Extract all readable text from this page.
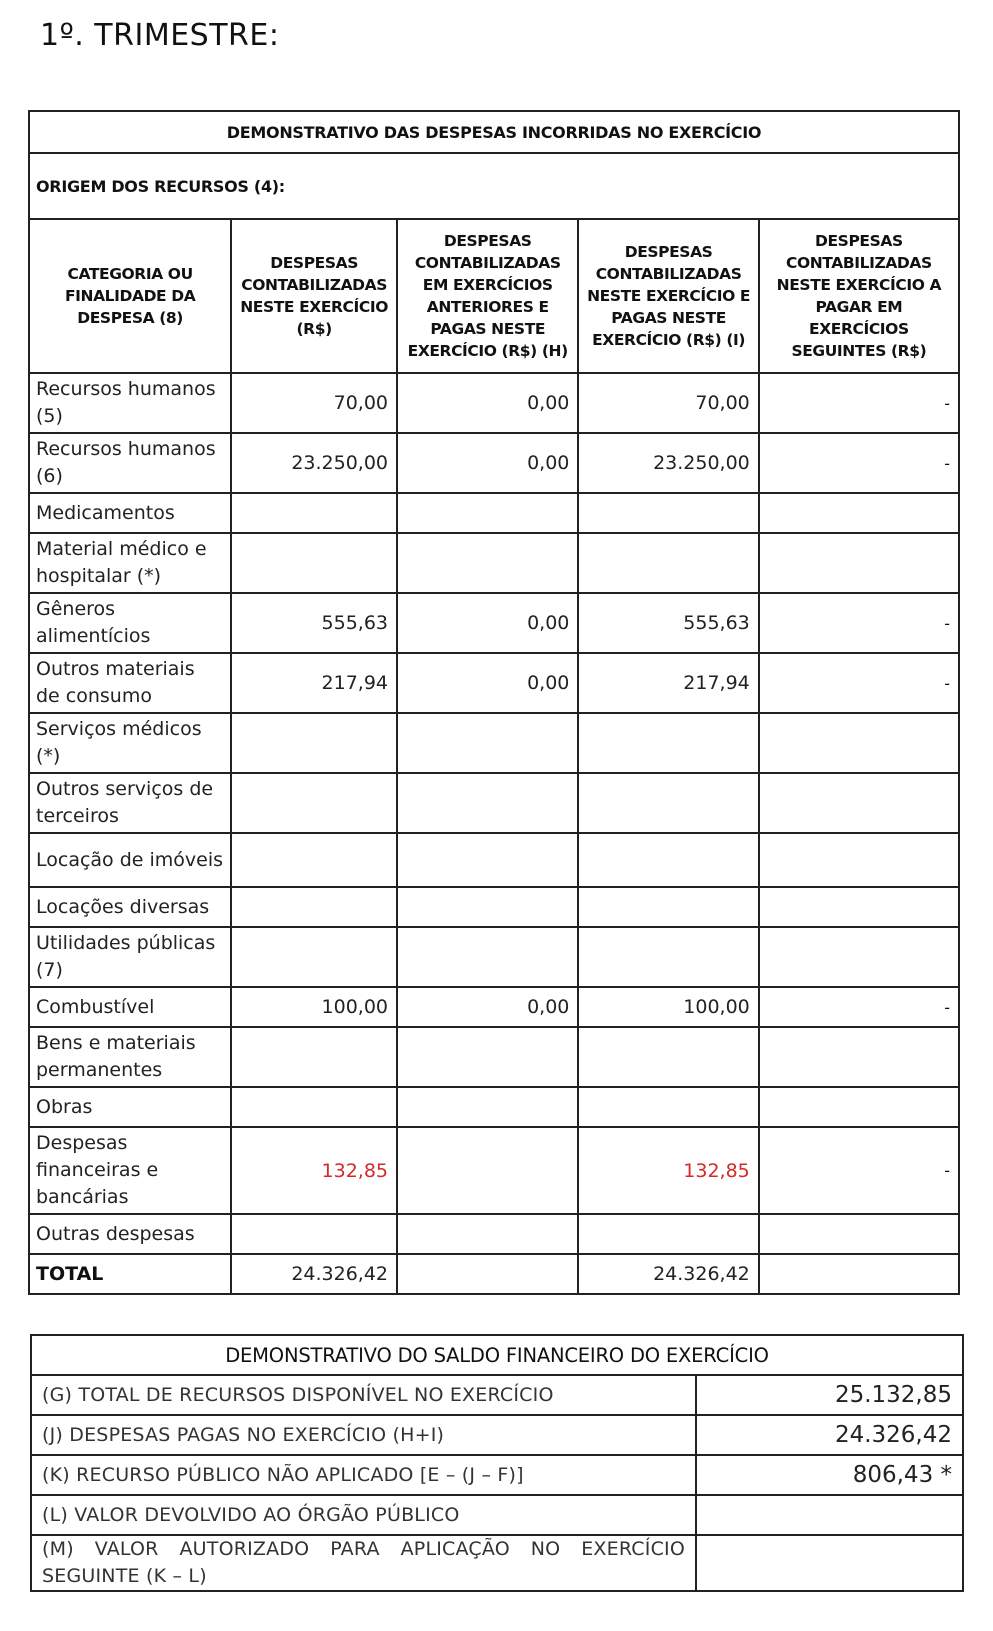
1º. TRIMESTRE:
DEMONSTRATIVO DAS DESPESAS INCORRIDAS NO EXERCÍCIO				
ORIGEM DOS RECURSOS (4):				
CATEGORIA OU FINALIDADE DA DESPESA (8)	DESPESAS CONTABILIZADAS NESTE EXERCÍCIO (R$)	DESPESAS CONTABILIZADAS EM EXERCÍCIOS ANTERIORES E PAGAS NESTE EXERCÍCIO (R$) (H)	DESPESAS CONTABILIZADAS NESTE EXERCÍCIO E PAGAS NESTE EXERCÍCIO (R$) (I)	DESPESAS CONTABILIZADAS NESTE EXERCÍCIO A PAGAR EM EXERCÍCIOS SEGUINTES (R$)
Recursos humanos (5)	70,00	0,00	70,00	-
Recursos humanos (6)	23.250,00	0,00	23.250,00	-
Medicamentos				
Material médico e hospitalar (*)				
Gêneros alimentícios	555,63	0,00	555,63	-
Outros materiais de consumo	217,94	0,00	217,94	-
Serviços médicos (*)				
Outros serviços de terceiros				
Locação de imóveis				
Locações diversas				
Utilidades públicas (7)				
Combustível	100,00	0,00	100,00	-
Bens e materiais permanentes				
Obras				
Despesas financeiras e bancárias	132,85		132,85	-
Outras despesas				
TOTAL	24.326,42		24.326,42	
DEMONSTRATIVO DO SALDO FINANCEIRO DO EXERCÍCIO	
(G) TOTAL DE RECURSOS DISPONÍVEL NO EXERCÍCIO	25.132,85
(J) DESPESAS PAGAS NO EXERCÍCIO (H+I)	24.326,42
(K) RECURSO PÚBLICO NÃO APLICADO [E – (J – F)]	806,43 *
(L) VALOR DEVOLVIDO AO ÓRGÃO PÚBLICO	
(M) VALOR AUTORIZADO PARA APLICAÇÃO NO EXERCÍCIO SEGUINTE (K – L)	
